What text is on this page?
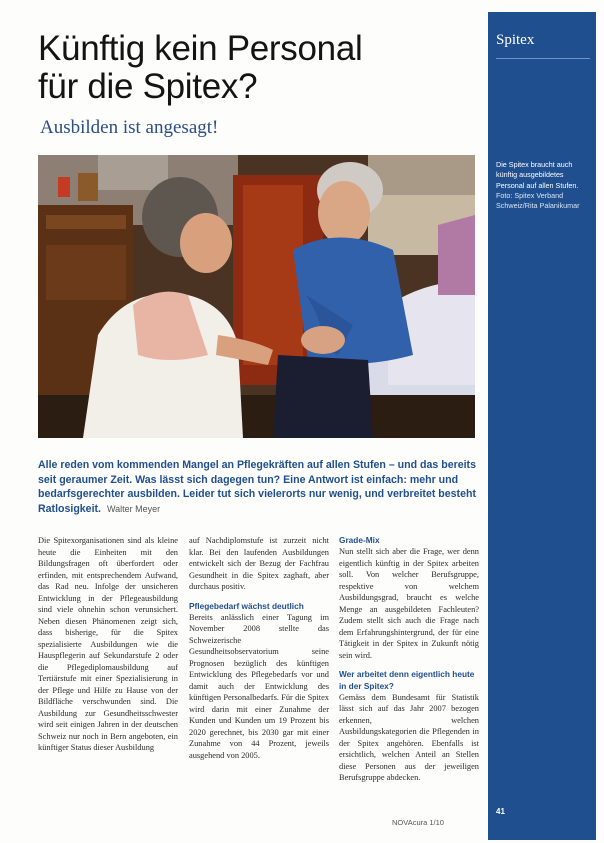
Spitex
Die Spitex braucht auch künftig ausgebildetes Personal auf allen Stufen.
Foto: Spitex Verband Schweiz/Rita Palanikumar
41
Künftig kein Personal
für die Spitex?
Ausbilden ist angesagt!
Alle reden vom kommenden Mangel an Pflegekräften auf allen Stufen – und das bereits seit geraumer Zeit. Was lässt sich dagegen tun? Eine Antwort ist einfach: mehr und bedarfsgerechter ausbilden. Leider tut sich vielerorts nur wenig, und verbreitet besteht Ratlosigkeit. Walter Meyer

Die Spitexorganisationen sind als kleine heute die Einheiten mit den Bildungsfragen oft überfordert oder erfinden, mit entsprechendem Aufwand, das Rad neu. Infolge der unsicheren Entwicklung in der Pflegeausbildung sind viele ohnehin schon verunsichert. Neben diesen Phänomenen zeigt sich, dass bisherige, für die Spitex spezialisierte Ausbildungen wie die Hauspflegerin auf Sekundarstufe 2 oder die Pflegediplomausbildung auf Tertiärstufe mit einer Spezialisierung in der Pflege und Hilfe zu Hause von der Bildfläche verschwunden sind. Die Ausbildung zur Gesundheitsschwester wird seit einigen Jahren in der deutschen Schweiz nur noch in Bern angeboten, ein künftiger Status dieser Ausbildung

auf Nachdiplomstufe ist zurzeit nicht klar. Bei den laufenden Ausbildungen entwickelt sich der Bezug der Fachfrau Gesundheit in die Spitex zaghaft, aber durchaus positiv.

Pflegebedarf wächst deutlich

Bereits anlässlich einer Tagung im November 2008 stellte das Schweizerische Gesundheitsobservatorium seine Prognosen bezüglich des künftigen Entwicklung des Pflegebedarfs vor und damit auch der Entwicklung des künftigen Personalbedarfs. Für die Spitex wird darin mit einer Zunahme der Kunden und Kunden um 19 Prozent bis 2020 gerechnet, bis 2030 gar mit einer Zunahme von 44 Prozent, jeweils ausgehend von 2005.

Grade-Mix

Nun stellt sich aber die Frage, wer denn eigentlich künftig in der Spitex arbeiten soll. Von welcher Berufsgruppe, respektive von welchem Ausbildungsgrad, braucht es welche Menge an ausgebildeten Fachleuten? Zudem stellt sich auch die Frage nach dem Erfahrungshintergrund, der für eine Tätigkeit in der Spitex in Zukunft nötig sein wird.

Wer arbeitet denn eigentlich heute in der Spitex?

Gemäss dem Bundesamt für Statistik lässt sich auf das Jahr 2007 bezogen erkennen, welchen Ausbildungskategorien die Pflegenden in der Spitex angehören. Ebenfalls ist ersichtlich, welchen Anteil an Stellen diese Personen aus der jeweiligen Berufsgruppe abdecken.

NOVAcura 1/10
